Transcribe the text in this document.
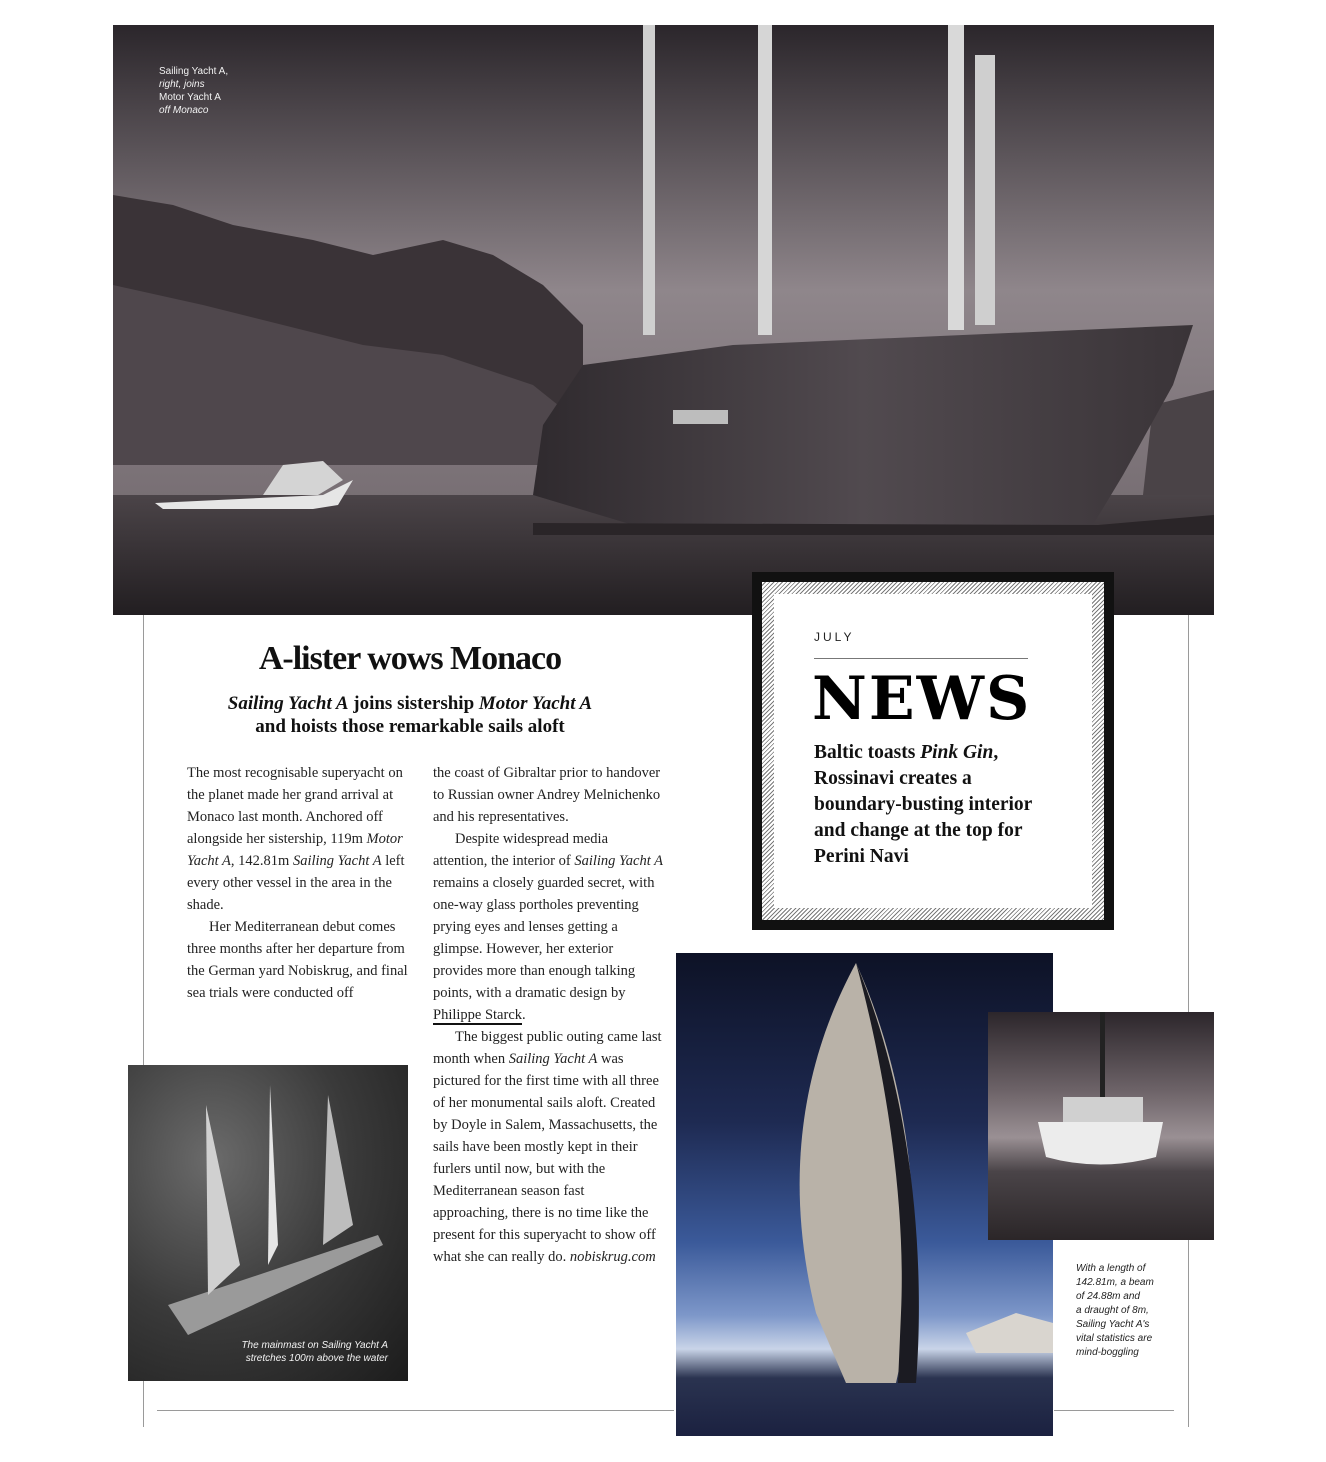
Sailing Yacht A,
right, joins
Motor Yacht A
off Monaco
A-lister wows Monaco
Sailing Yacht A joins sistership Motor Yacht A
and hoists those remarkable sails aloft

The most recognisable superyacht on the planet made her grand arrival at Monaco last month. Anchored off alongside her sistership, 119m Motor Yacht A, 142.81m Sailing Yacht A left every other vessel in the area in the shade.

Her Mediterranean debut comes three months after her departure from the German yard Nobiskrug, and final sea trials were conducted off

the coast of Gibraltar prior to handover to Russian owner Andrey Melnichenko and his representatives.

Despite widespread media attention, the interior of Sailing Yacht A remains a closely guarded secret, with one-way glass portholes preventing prying eyes and lenses getting a glimpse. However, her exterior provides more than enough talking points, with a dramatic design by Philippe Starck.

The biggest public outing came last month when Sailing Yacht A was pictured for the first time with all three of her monumental sails aloft. Created by Doyle in Salem, Massachusetts, the sails have been mostly kept in their furlers until now, but with the Mediterranean season fast approaching, there is no time like the present for this superyacht to show off what she can really do. nobiskrug.com

JULY
NEWS
Baltic toasts Pink Gin, Rossinavi creates a boundary-busting interior and change at the top for Perini Navi
The mainmast on Sailing Yacht A stretches 100m above the water
With a length of
142.81m, a beam
of 24.88m and
a draught of 8m,
Sailing Yacht A's
vital statistics are
mind-boggling
